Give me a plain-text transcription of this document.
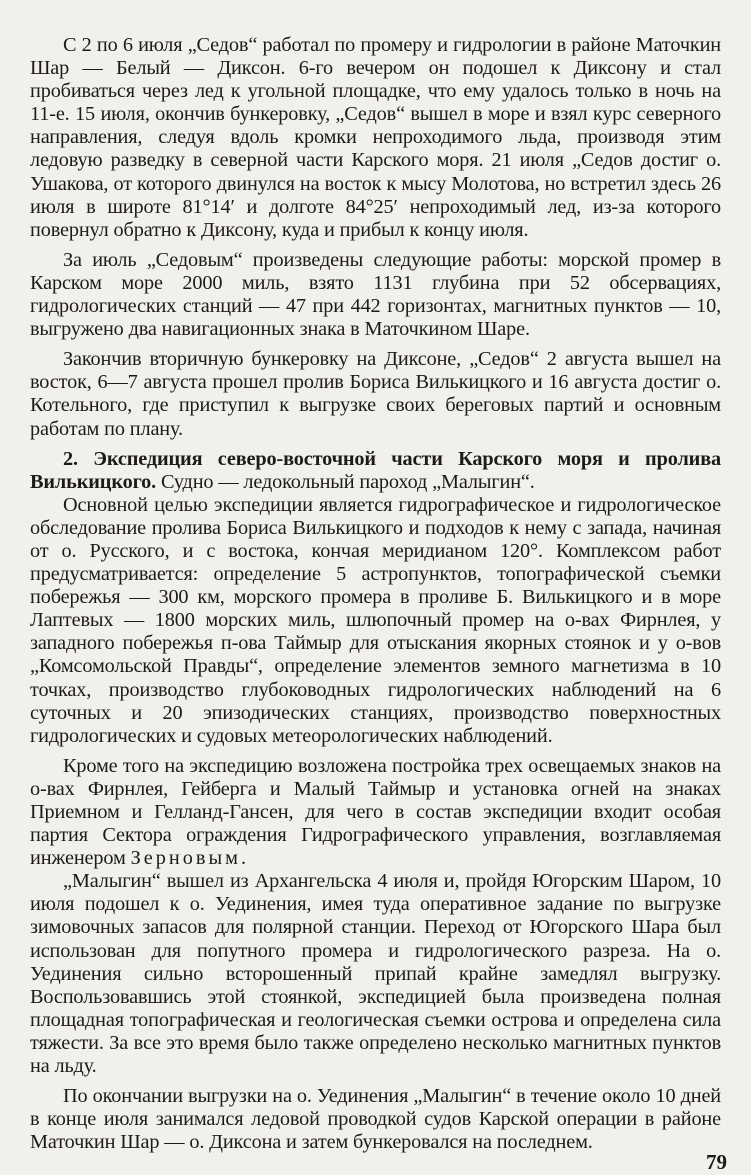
С 2 по 6 июля „Седов“ работал по промеру и гидрологии в районе Маточкин Шар — Белый — Диксон. 6-го вечером он подошел к Диксону и стал пробиваться через лед к угольной площадке, что ему удалось только в ночь на 11-е. 15 июля, окончив бункеровку, „Седов“ вышел в море и взял курс северного направления, следуя вдоль кромки непроходимого льда, производя этим ледовую разведку в северной части Карского моря. 21 июля „Седов достиг о. Ушакова, от которого двинулся на восток к мысу Молотова, но встретил здесь 26 июля в широте 81°14′ и долготе 84°25′ непроходимый лед, из-за которого повернул обратно к Диксону, куда и прибыл к концу июля.

За июль „Седовым“ произведены следующие работы: морской промер в Карском море 2000 миль, взято 1131 глубина при 52 обсервациях, гидрологических станций — 47 при 442 горизонтах, магнитных пунктов — 10, выгружено два навигационных знака в Маточкином Шаре.

Закончив вторичную бункеровку на Диксоне, „Седов“ 2 августа вышел на восток, 6—7 августа прошел пролив Бориса Вилькицкого и 16 августа достиг о. Котельного, где приступил к выгрузке своих береговых партий и основным работам по плану.

2. Экспедиция северо-восточной части Карского моря и пролива Вилькицкого. Судно — ледокольный пароход „Малыгин“.

Основной целью экспедиции является гидрографическое и гидрологическое обследование пролива Бориса Вилькицкого и подходов к нему с запада, начиная от о. Русского, и с востока, кончая меридианом 120°. Комплексом работ предусматривается: определение 5 астропунктов, топографической съемки побережья — 300 км, морского промера в проливе Б. Вилькицкого и в море Лаптевых — 1800 морских миль, шлюпочный промер на о-вах Фирнлея, у западного побережья п-ова Таймыр для отыскания якорных стоянок и у о-вов „Комсомольской Правды“, определение элементов земного магнетизма в 10 точках, производство глубоководных гидрологических наблюдений на 6 суточных и 20 эпизодических станциях, производство поверхностных гидрологических и судовых метеорологических наблюдений.

Кроме того на экспедицию возложена постройка трех освещаемых знаков на о-вах Фирнлея, Гейберга и Малый Таймыр и установка огней на знаках Приемном и Гелланд-Гансен, для чего в состав экспедиции входит особая партия Сектора ограждения Гидрографического управления, возглавляемая инженером Зерновым.

„Малыгин“ вышел из Архангельска 4 июля и, пройдя Югорским Шаром, 10 июля подошел к о. Уединения, имея туда оперативное задание по выгрузке зимовочных запасов для полярной станции. Переход от Югорского Шара был использован для попутного промера и гидрологического разреза. На о. Уединения сильно всторошенный припай крайне замедлял выгрузку. Воспользовавшись этой стоянкой, экспедицией была произведена полная площадная топографическая и геологическая съемки острова и определена сила тяжести. За все это время было также определено несколько магнитных пунктов на льду.

По окончании выгрузки на о. Уединения „Малыгин“ в течение около 10 дней в конце июля занимался ледовой проводкой судов Карской операции в районе Маточкин Шар — о. Диксона и затем бункеровался на последнем.

79
